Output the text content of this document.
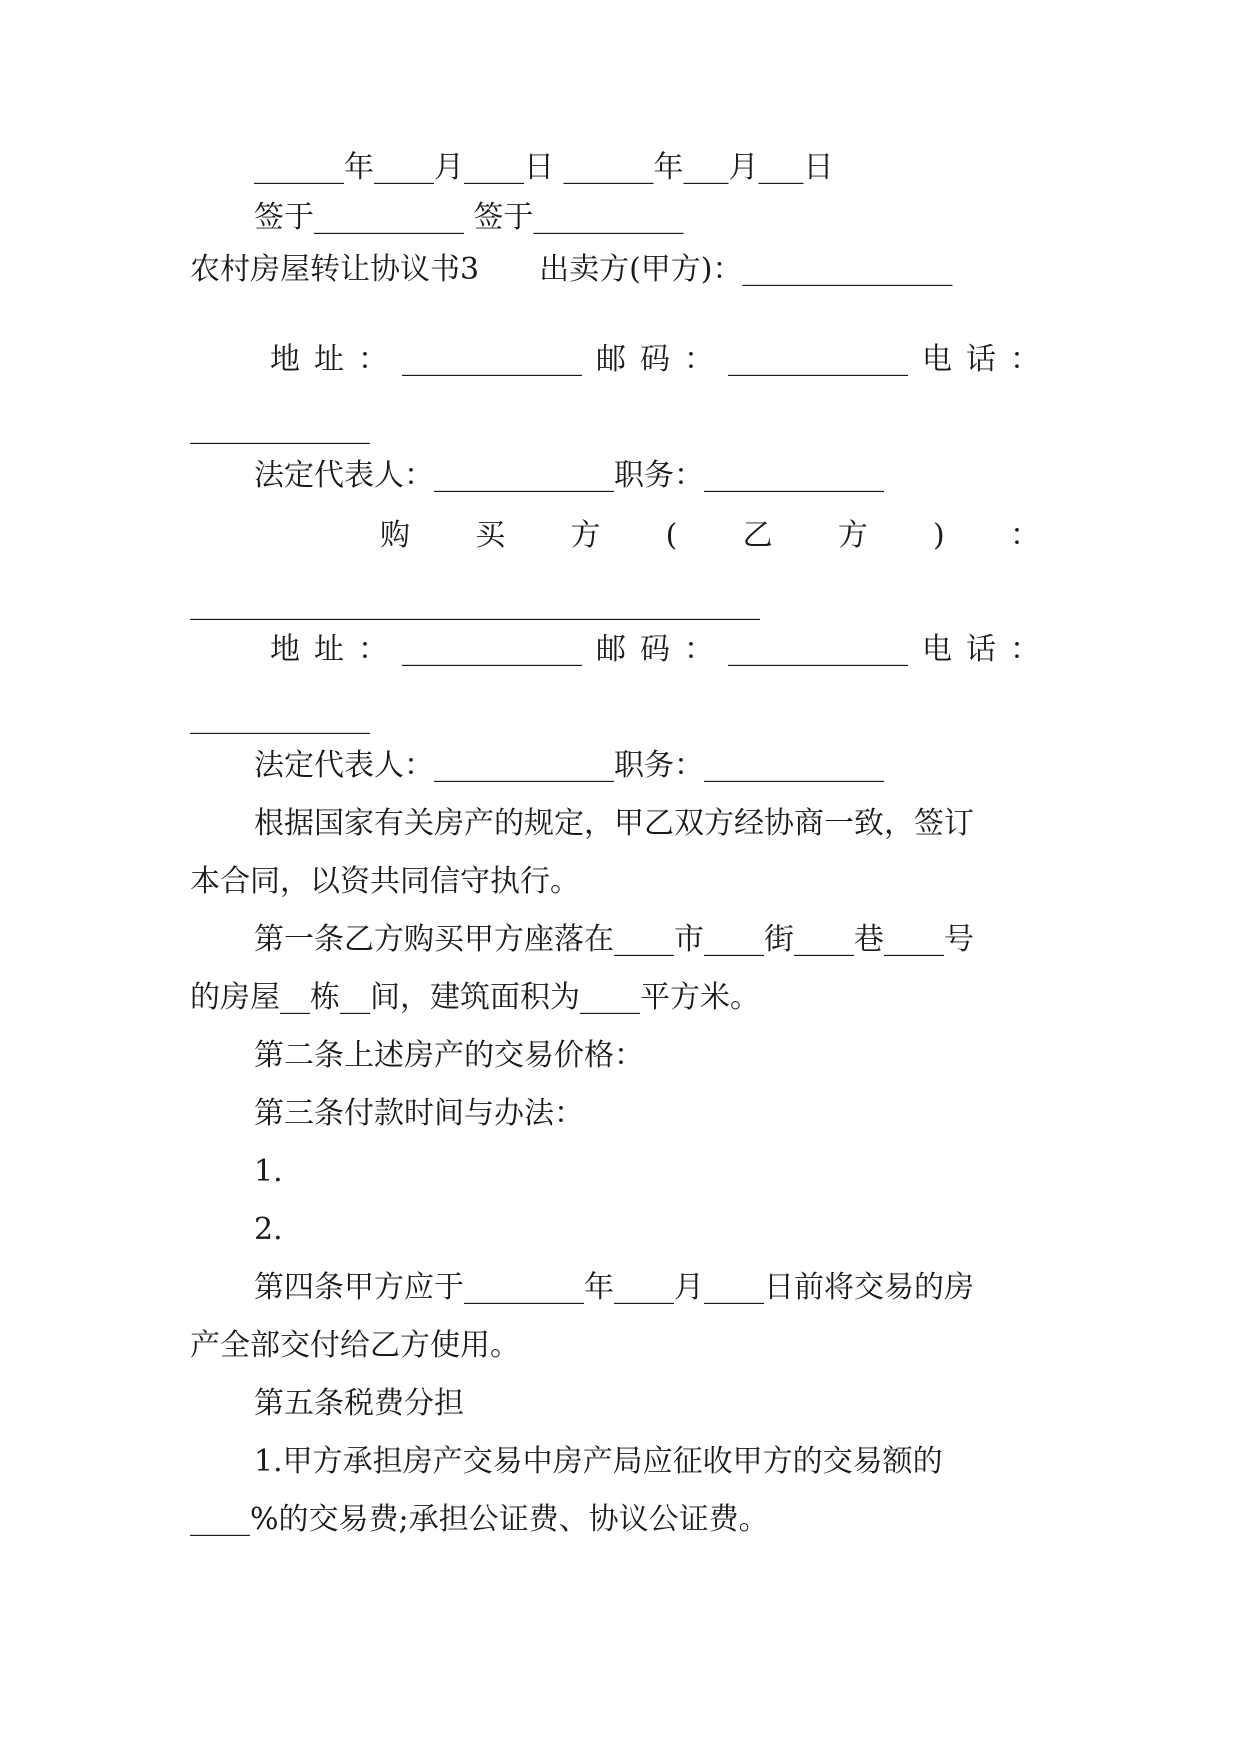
______年____月____日 ______年___月___日
签于__________ 签于__________
农村房屋转让协议书3　　出卖方(甲方)：______________
地 址 ： ____________ 邮 码 ： ____________ 电 话 ：
____________
法定代表人：____________职务：____________
购 买 方 ( 乙 方 ) ：
______________________________________
地 址 ： ____________ 邮 码 ： ____________ 电 话 ：
____________
法定代表人：____________职务：____________
根据国家有关房产的规定，甲乙双方经协商一致，签订
本合同，以资共同信守执行。
第一条乙方购买甲方座落在____市____街____巷____号
的房屋__栋__间，建筑面积为____平方米。
第二条上述房产的交易价格：
第三条付款时间与办法：
1.
2.
第四条甲方应于________年____月____日前将交易的房
产全部交付给乙方使用。
第五条税费分担
1.甲方承担房产交易中房产局应征收甲方的交易额的
____%的交易费;承担公证费、协议公证费。
